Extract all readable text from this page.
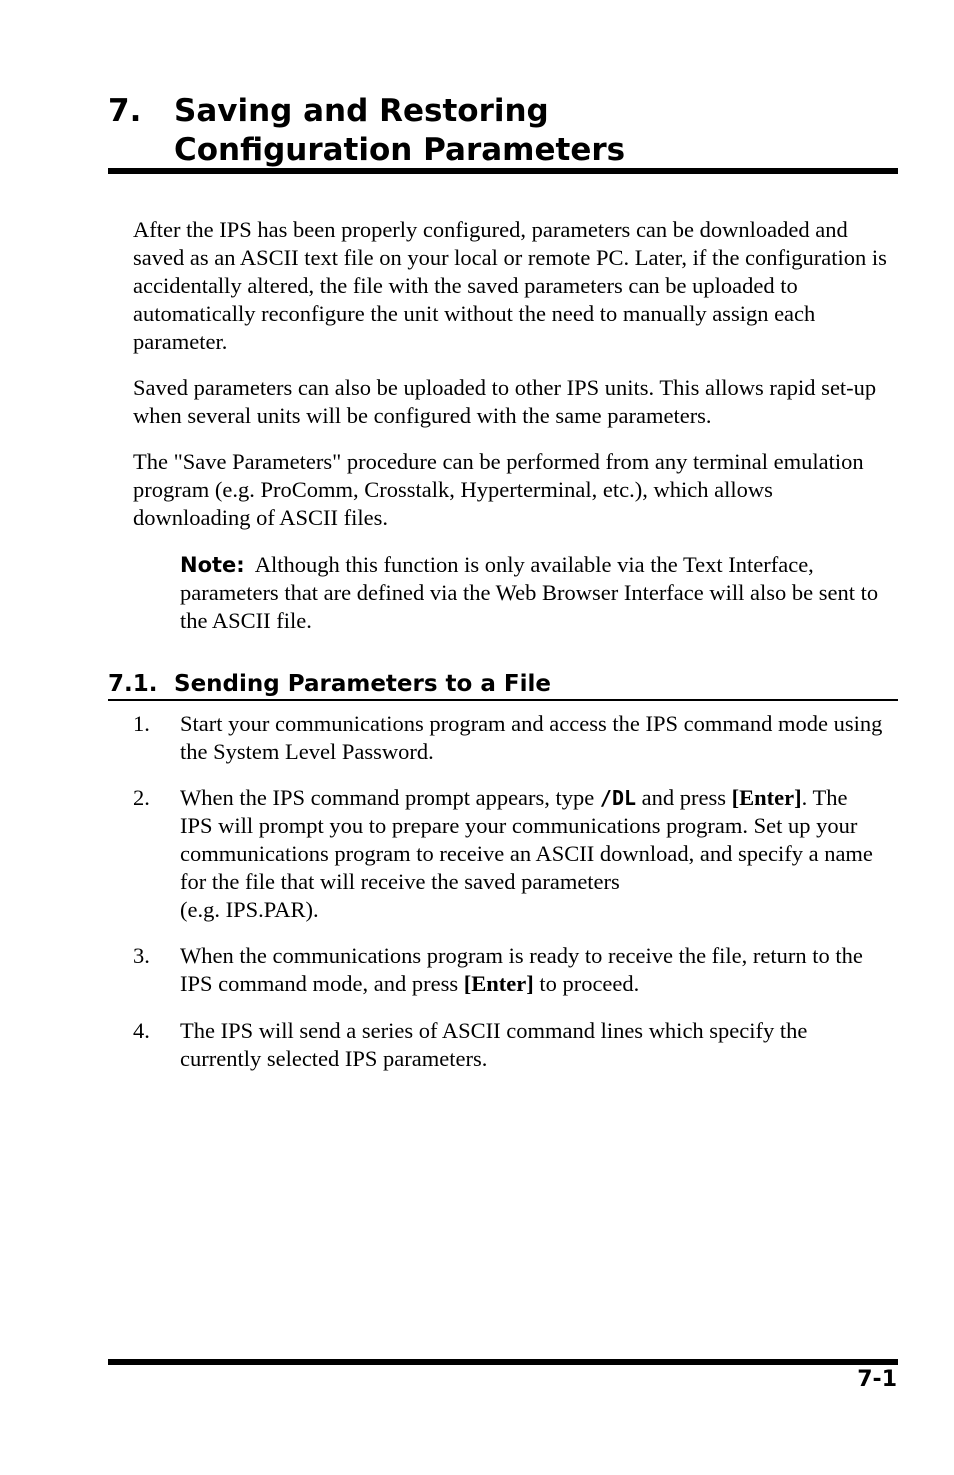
7.	Saving and Restoring
Configuration Parameters

After the IPS has been properly configured, parameters can be downloaded and saved as an ASCII text file on your local or remote PC. Later, if the configuration is accidentally altered, the file with the saved parameters can be uploaded to automatically reconfigure the unit without the need to manually assign each parameter.

Saved parameters can also be uploaded to other IPS units. This allows rapid set-up when several units will be configured with the same parameters.

The "Save Parameters" procedure can be performed from any terminal emulation program (e.g. ProComm, Crosstalk, Hyperterminal, etc.), which allows downloading of ASCII files.

Note: Although this function is only available via the Text Interface, parameters that are defined via the Web Browser Interface will also be sent to the ASCII file.

7.1. Sending Parameters to a File
1.	Start your communications program and access the IPS command mode using the System Level Password.
2.	When the IPS command prompt appears, type /DL and press [Enter]. The IPS will prompt you to prepare your communications program. Set up your communications program to receive an ASCII download, and specify a name for the file that will receive the saved parameters
(e.g. IPS.PAR).
3.	When the communications program is ready to receive the file, return to the IPS command mode, and press [Enter] to proceed.
4.	The IPS will send a series of ASCII command lines which specify the currently selected IPS parameters.
7-1
